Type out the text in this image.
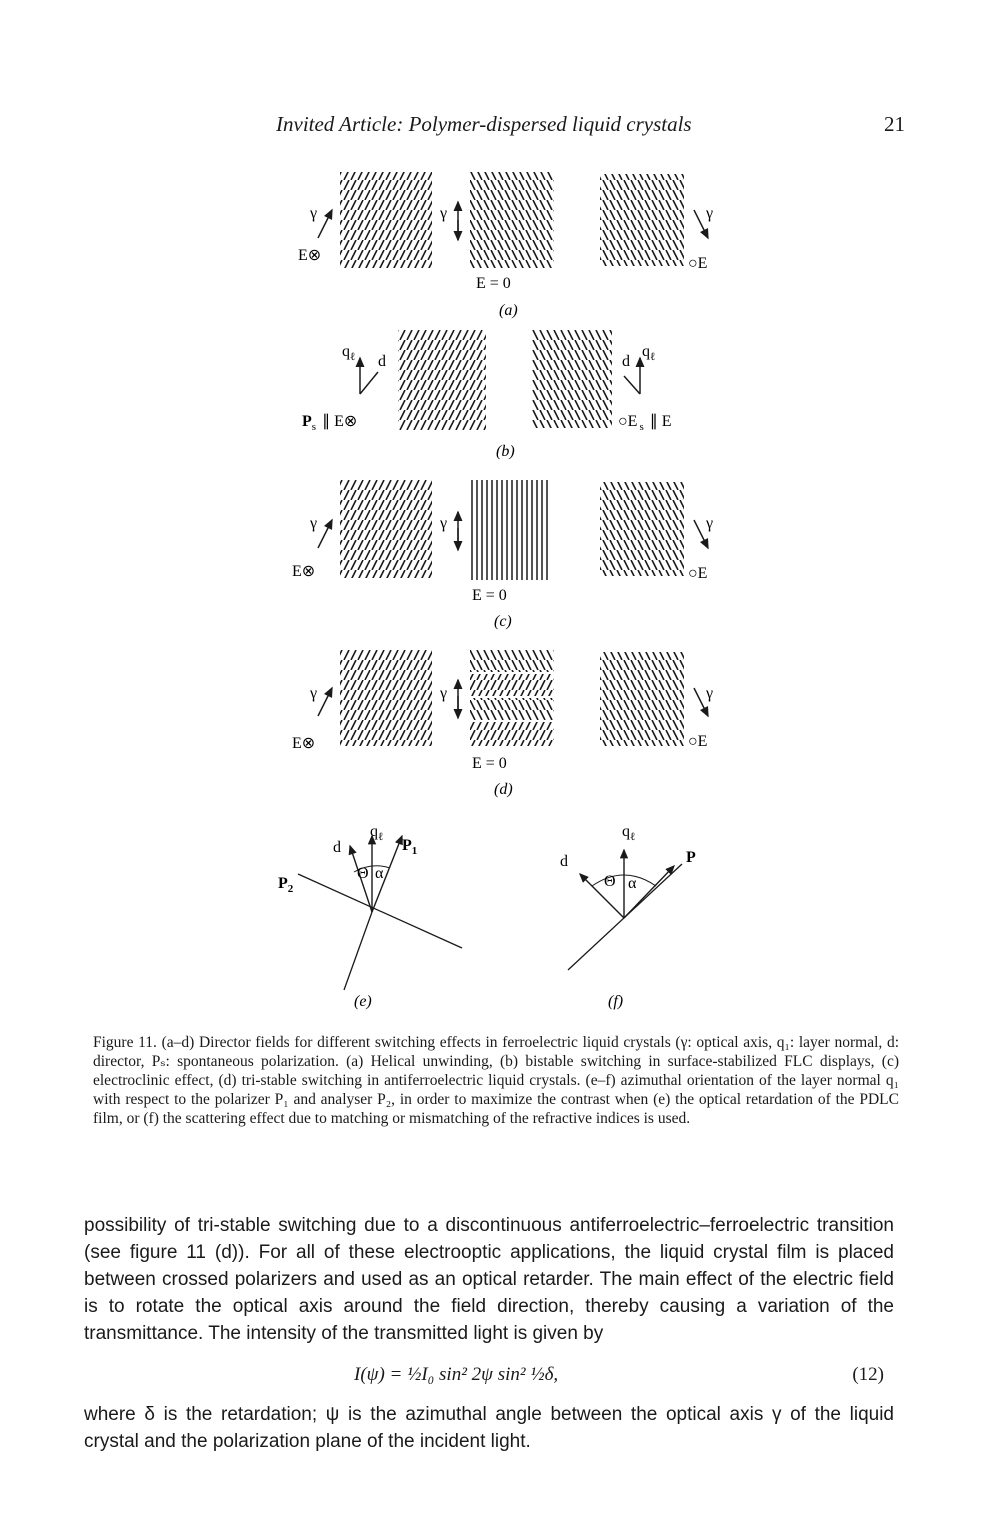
Invited Article: Polymer-dispersed liquid crystals	21
γ
E⊗
γ	γ
○E
E = 0
(a)
$q_\ell$ d
$P_s$ ∥ E⊗
d
$q_\ell$
○E $_s$ ∥ E
(b)
γ
E⊗
γ	γ
○E
E = 0
(c)
γ
E⊗
γ	γ
○E
E = 0
(d)
d
$q_\ell$ $P_1$
$P_2$
Θ α
(e)
d
$q_\ell$
P
Θ α
(f)
Figure 11. (a–d) Director fields for different switching effects in ferroelectric liquid crystals (γ: optical axis, q₁: layer normal, d: director, Pₛ: spontaneous polarization. (a) Helical unwinding, (b) bistable switching in surface-stabilized FLC displays, (c) electroclinic effect, (d) tri-stable switching in antiferroelectric liquid crystals. (e–f) azimuthal orientation of the layer normal q₁ with respect to the polarizer P₁ and analyser P₂, in order to maximize the contrast when (e) the optical retardation of the PDLC film, or (f) the scattering effect due to matching or mismatching of the refractive indices is used.

possibility of tri-stable switching due to a discontinuous antiferroelectric–ferroelectric transition (see figure 11 (d)). For all of these electrooptic applications, the liquid crystal film is placed between crossed polarizers and used as an optical retarder. The main effect of the electric field is to rotate the optical axis around the field direction, thereby causing a variation of the transmittance. The intensity of the transmitted light is given by

I(ψ) = ½I₀ sin² 2ψ sin² ½δ,	(12)

where δ is the retardation; ψ is the azimuthal angle between the optical axis γ of the liquid crystal and the polarization plane of the incident light.
